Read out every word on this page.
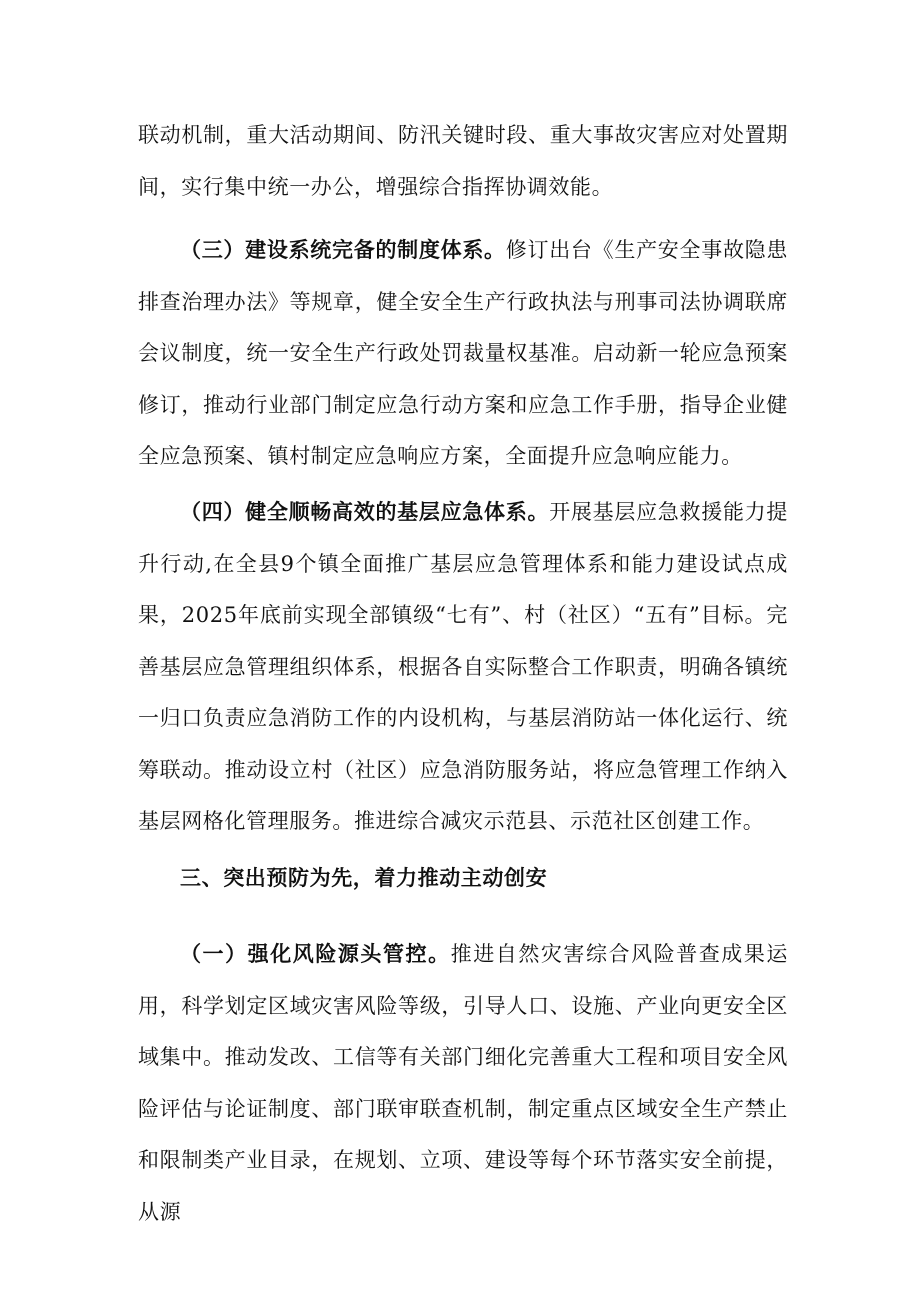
联动机制，重大活动期间、防汛关键时段、重大事故灾害应对处置期间，实行集中统一办公，增强综合指挥协调效能。

（三）建设系统完备的制度体系。修订出台《生产安全事故隐患排查治理办法》等规章，健全安全生产行政执法与刑事司法协调联席会议制度，统一安全生产行政处罚裁量权基准。启动新一轮应急预案修订，推动行业部门制定应急行动方案和应急工作手册，指导企业健全应急预案、镇村制定应急响应方案，全面提升应急响应能力。

（四）健全顺畅高效的基层应急体系。开展基层应急救援能力提升行动,在全县9个镇全面推广基层应急管理体系和能力建设试点成果，2025年底前实现全部镇级“七有”、村（社区）“五有”目标。完善基层应急管理组织体系，根据各自实际整合工作职责，明确各镇统一归口负责应急消防工作的内设机构，与基层消防站一体化运行、统筹联动。推动设立村（社区）应急消防服务站，将应急管理工作纳入基层网格化管理服务。推进综合减灾示范县、示范社区创建工作。

三、突出预防为先，着力推动主动创安

（一）强化风险源头管控。推进自然灾害综合风险普查成果运用，科学划定区域灾害风险等级，引导人口、设施、产业向更安全区域集中。推动发改、工信等有关部门细化完善重大工程和项目安全风险评估与论证制度、部门联审联查机制，制定重点区域安全生产禁止和限制类产业目录，在规划、立项、建设等每个环节落实安全前提，从源
